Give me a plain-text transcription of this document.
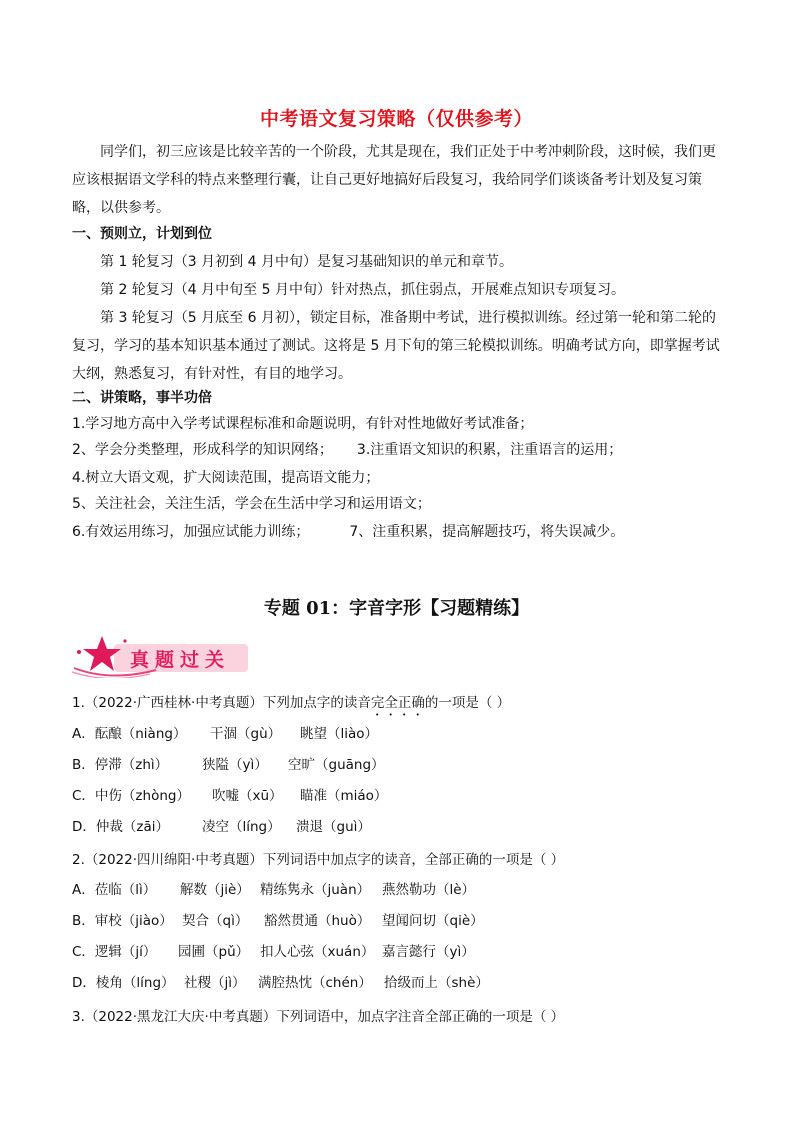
中考语文复习策略（仅供参考）

同学们，初三应该是比较辛苦的一个阶段，尤其是现在，我们正处于中考冲刺阶段，这时候，我们更应该根据语文学科的特点来整理行囊，让自己更好地搞好后段复习，我给同学们谈谈备考计划及复习策略，以供参考。

一、预则立，计划到位
第 1 轮复习（3 月初到 4 月中旬）是复习基础知识的单元和章节。
第 2 轮复习（4 月中旬至 5 月中旬）针对热点，抓住弱点，开展难点知识专项复习。

第 3 轮复习（5 月底至 6 月初），锁定目标，准备期中考试，进行模拟训练。经过第一轮和第二轮的复习，学习的基本知识基本通过了测试。这将是 5 月下旬的第三轮模拟训练。明确考试方向，即掌握考试大纲，熟悉复习，有针对性，有目的地学习。

二、讲策略，事半功倍
1.学习地方高中入学考试课程标准和命题说明，有针对性地做好考试准备；
2、学会分类整理，形成科学的知识网络； 3.注重语文知识的积累，注重语言的运用；
4.树立大语文观，扩大阅读范围，提高语文能力；
5、关注社会，关注生活，学会在生活中学习和运用语文；
6.有效运用练习，加强应试能力训练；	7、注重积累，提高解题技巧，将失误减少。
专题 01：字音字形【习题精练】
真题过关
1.（2022·广西桂林·中考真题）下列加点字的读音完全正确的一项是（ ）
A．酝酿（niàng） 干涸（gù） 眺望（liào）
B．停滞（zhì）	狭隘（yì） 空旷（guāng）
C．中伤（zhòng） 吹嘘（xū） 瞄准（miáo）
D．仲裁（zāi） 凌空（líng） 溃退（guì）
2.（2022·四川绵阳·中考真题）下列词语中加点字的读音，全部正确的一项是（ ）
A．莅临（lì） 解数（jiè） 精练隽永（juàn） 燕然勒功（lè）
B．审校（jiào） 契合（qì） 豁然贯通（huò） 望闻问切（qiè）
C．逻辑（jí） 园圃（pǔ） 扣人心弦（xuán） 嘉言懿行（yì）
D．棱角（líng） 社稷（jì） 满腔热忱（chén） 拾级而上（shè）
3.（2022·黑龙江大庆·中考真题）下列词语中，加点字注音全部正确的一项是（ ）
